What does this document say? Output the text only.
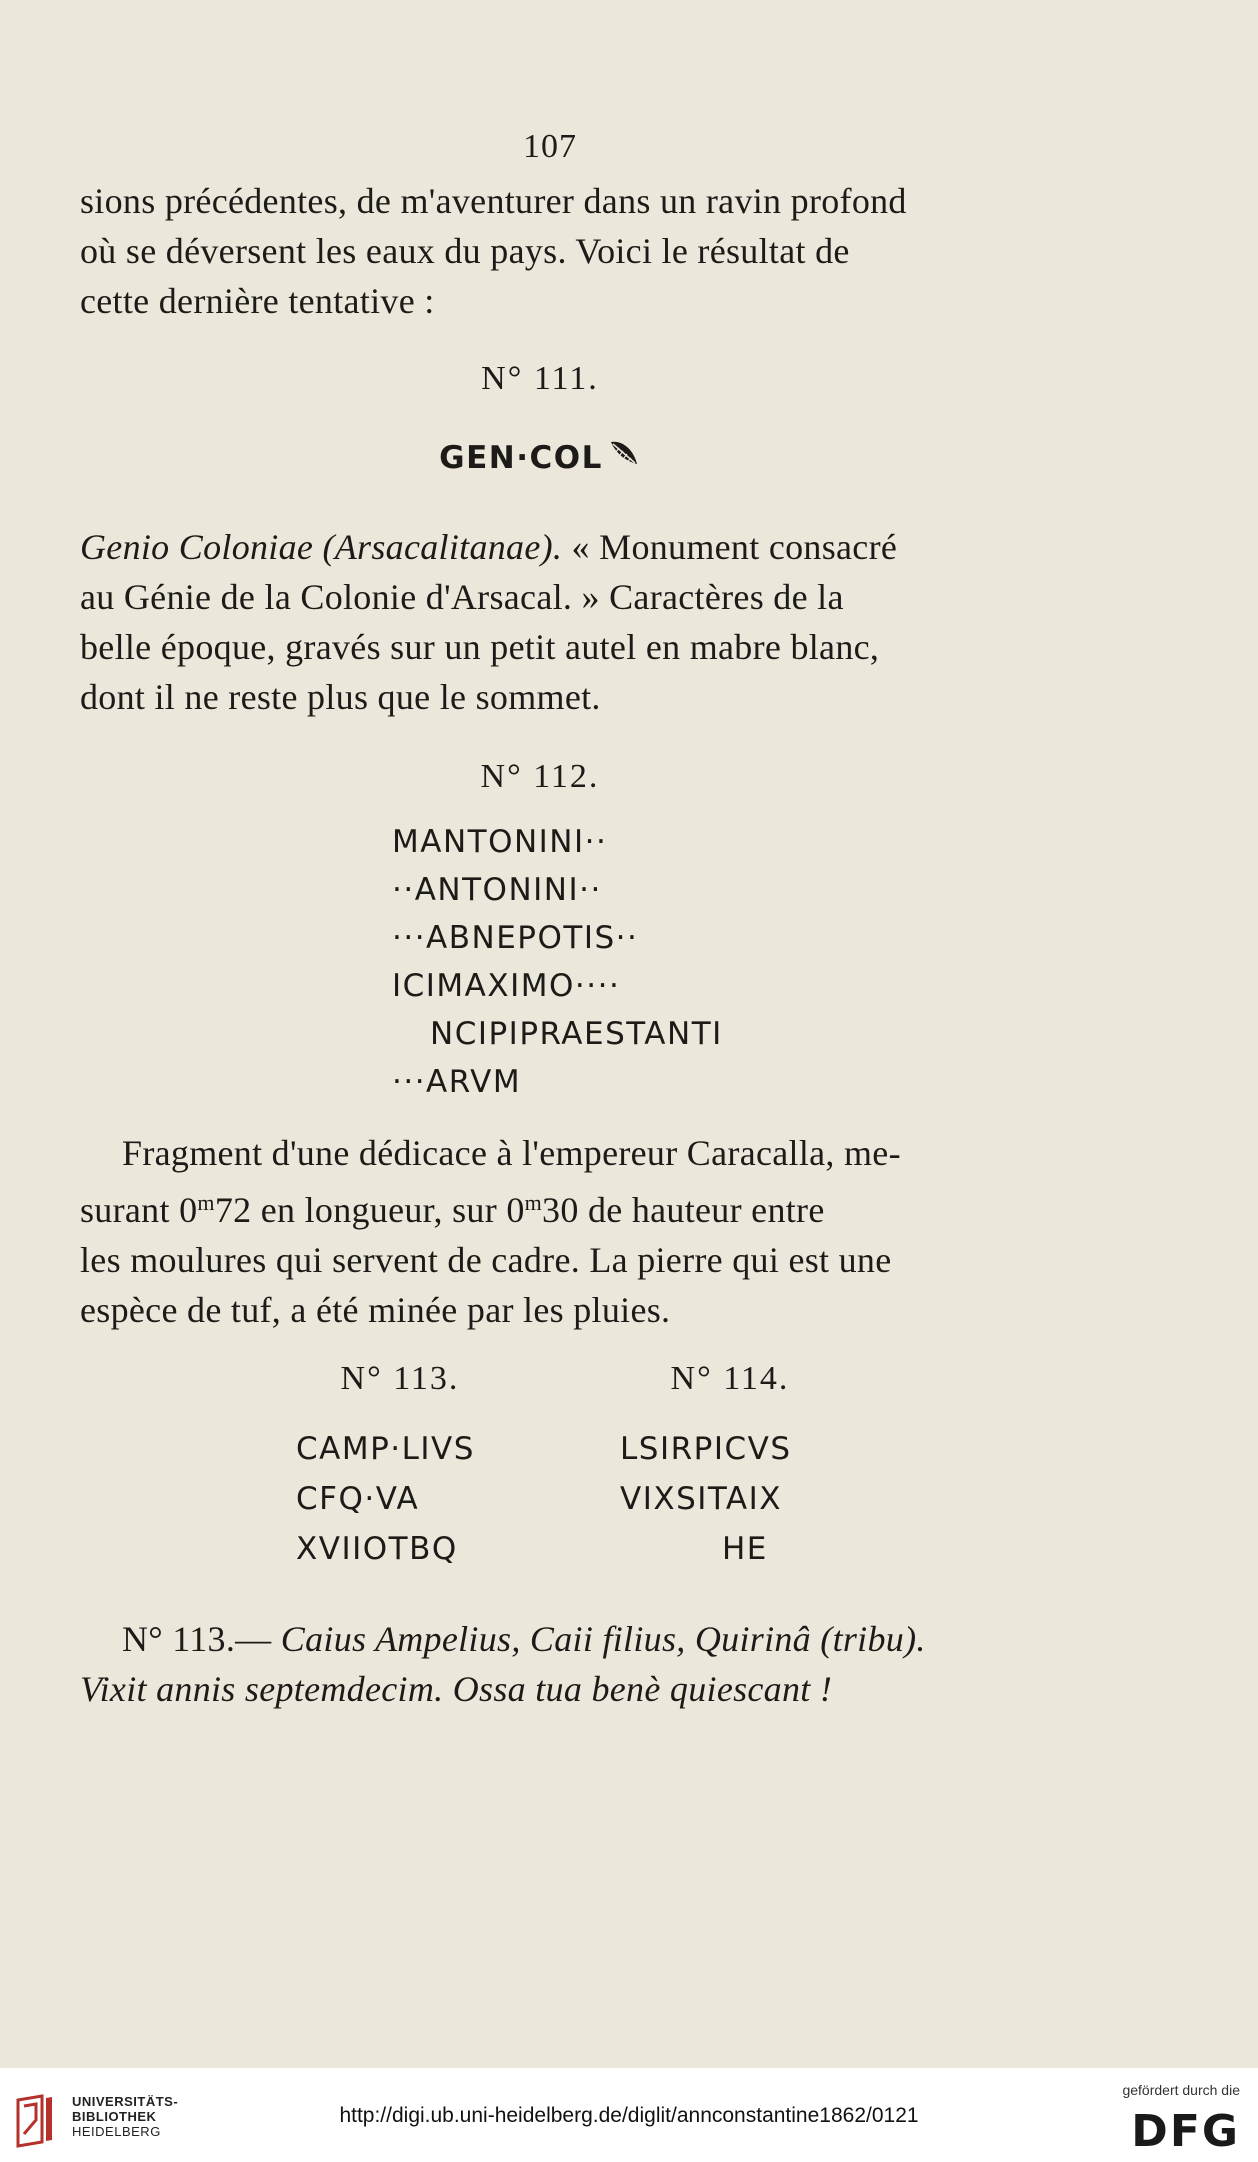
107

sions précédentes, de m'aventurer dans un ravin profond

où se déversent les eaux du pays. Voici le résultat de

cette dernière tentative :

N° 111.
GEN·COL

Genio Coloniae (Arsacalitanae). « Monument consacré

au Génie de la Colonie d'Arsacal. » Caractères de la

belle époque, gravés sur un petit autel en mabre blanc,

dont il ne reste plus que le sommet.

N° 112.
MANTONINI··
··ANTONINI··
···ABNEPOTIS··
ICIMAXIMO····
NCIPIPRAESTANTI
···ARVM

Fragment d'une dédicace à l'empereur Caracalla, me-

surant 0$^m$72 en longueur, sur 0$^m$30 de hauteur entre

les moulures qui servent de cadre. La pierre qui est une

espèce de tuf, a été minée par les pluies.

N° 113.	N° 114.
CAMP·LIVS
CFQ·VA
XVIIOTBQ
LSIRPICVS
VIXSITAIX
HE

N° 113.— Caius Ampelius, Caii filius, Quirinâ (tribu).

Vixit annis septemdecim. Ossa tua benè quiescant !

UNIVERSITÄTS-
BIBLIOTHEK
HEIDELBERG
http://digi.ub.uni-heidelberg.de/diglit/annconstantine1862/0121
gefördert durch die
DFG
